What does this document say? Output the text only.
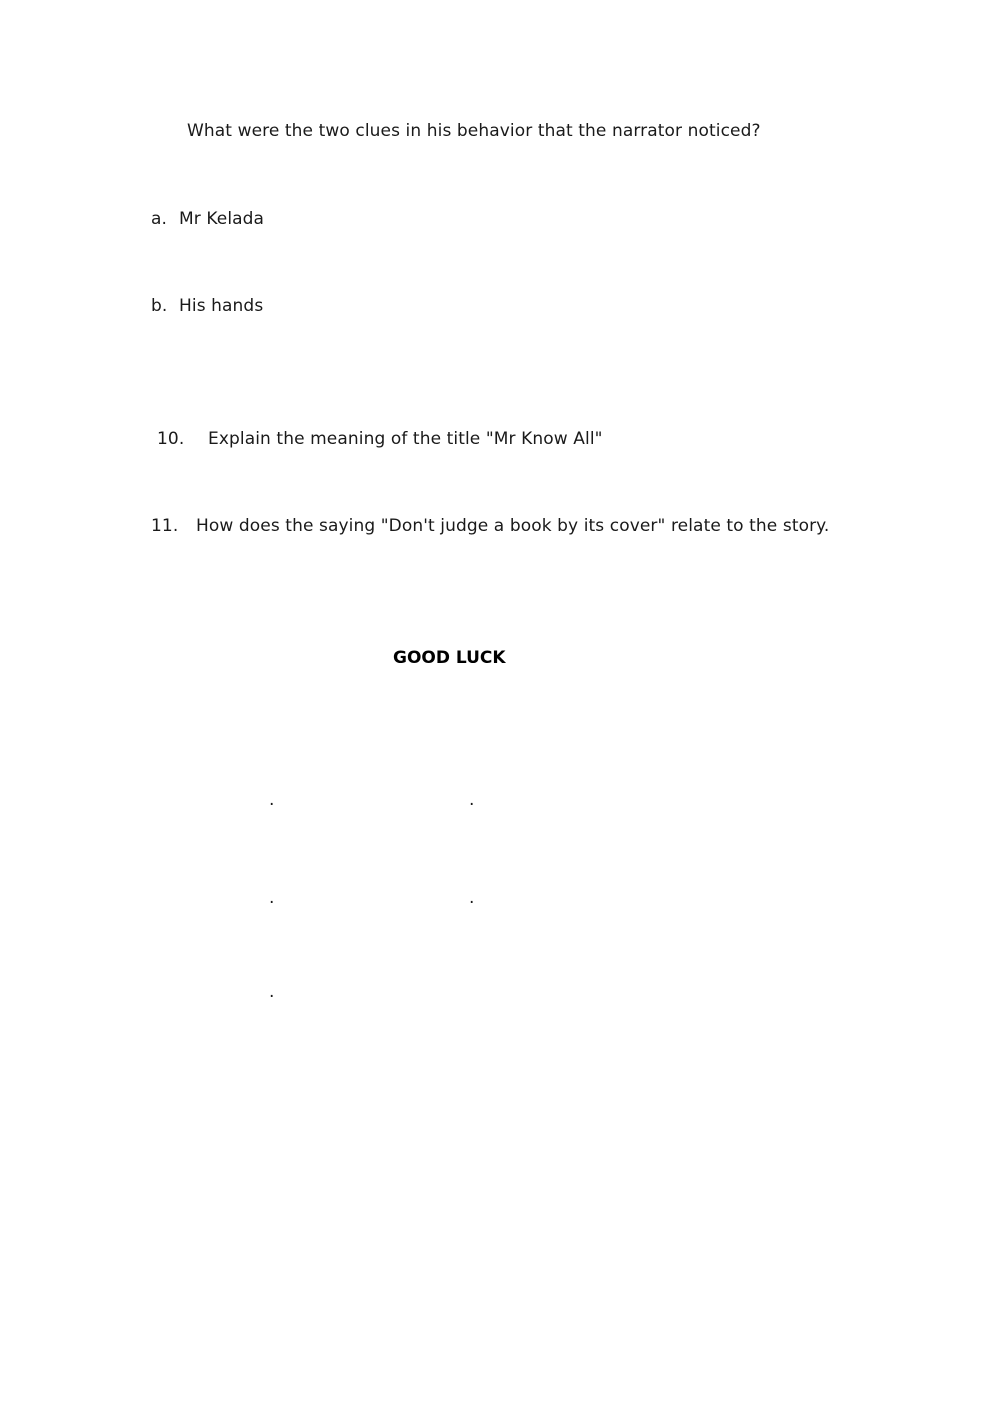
What were the two clues in his behavior that the narrator noticed?
a. Mr Kelada
b. His hands
10. Explain the meaning of the title "Mr Know All"
11. How does the saying "Don't judge a book by its cover" relate to the story.
GOOD LUCK
.	.
.	.
.
